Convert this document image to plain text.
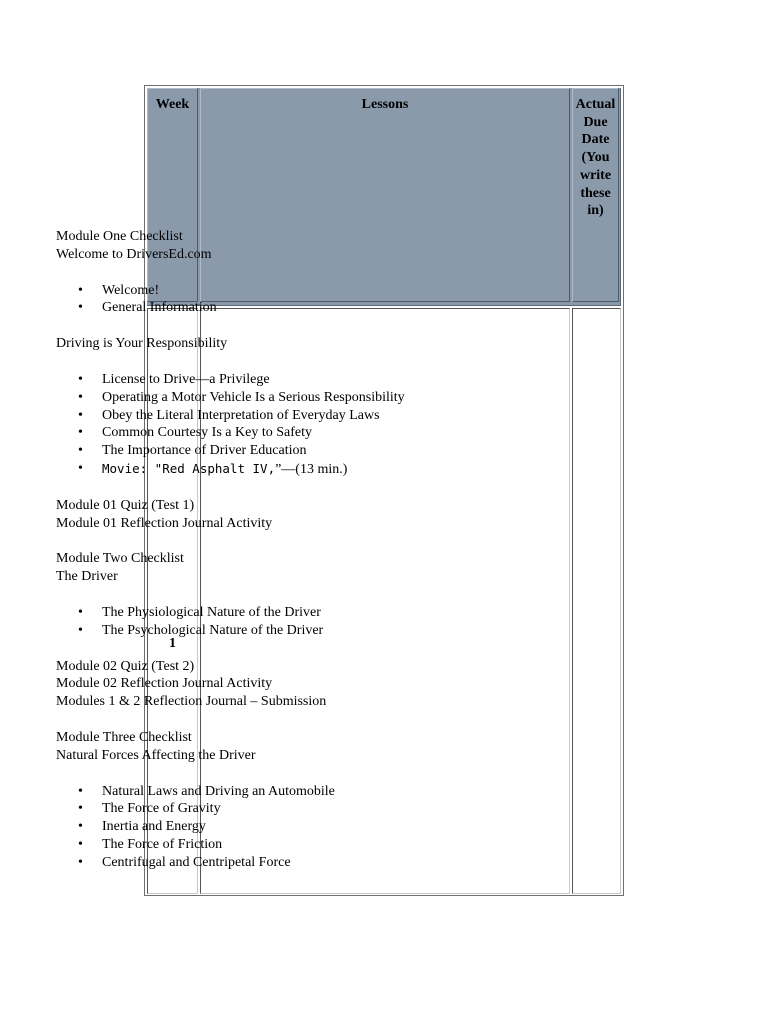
Week	Lessons	Actual
Due
Date
(You
write
these
in)
1

Module One Checklist

Welcome to DriversEd.com

• Welcome!
• General Information

Driving is Your Responsibility

• License to Drive—a Privilege
• Operating a Motor Vehicle Is a Serious Responsibility
• Obey the Literal Interpretation of Everyday Laws
• Common Courtesy Is a Key to Safety
• The Importance of Driver Education
• Movie: "Red Asphalt IV,”—(13 min.)

Module 01 Quiz (Test 1)

Module 01 Reflection Journal Activity

Module Two Checklist

The Driver

• The Physiological Nature of the Driver
• The Psychological Nature of the Driver

Module 02 Quiz (Test 2)

Module 02 Reflection Journal Activity

Modules 1 & 2 Reflection Journal – Submission

Module Three Checklist

Natural Forces Affecting the Driver

• Natural Laws and Driving an Automobile
• The Force of Gravity
• Inertia and Energy
• The Force of Friction
• Centrifugal and Centripetal Force
